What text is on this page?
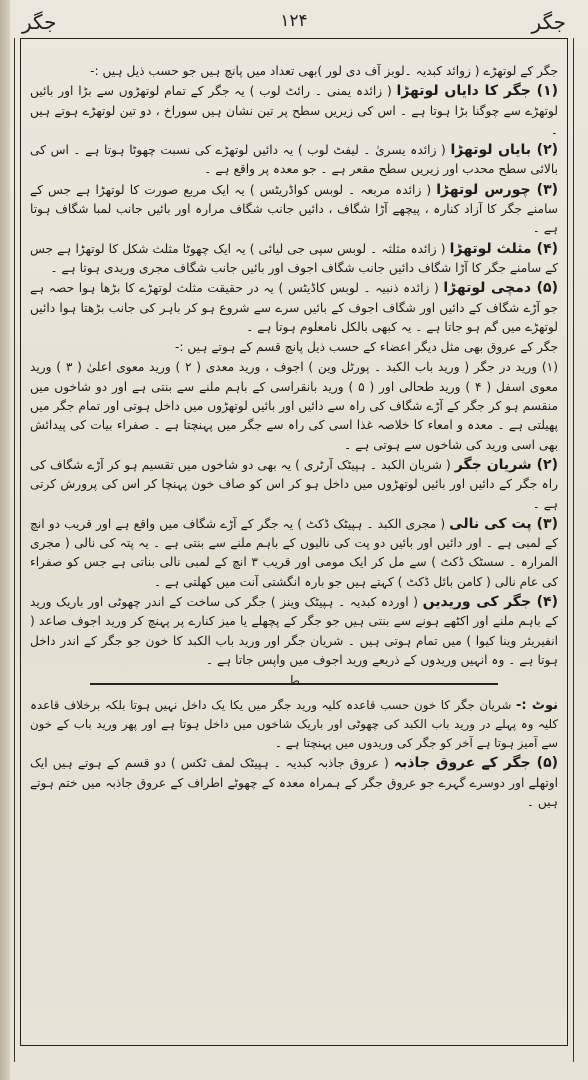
جگر
۱۲۴
جگر

جگر کے لوتھڑے ( زوائد کبدیہ ۔لوبز آف دی لور )بھی تعداد میں پانچ ہیں جو حسب ذیل ہیں :-

(۱) جگر کا دایاں لوتھڑا ( زائدہ یمنی ۔ رائٹ لوب ) یہ جگر کے تمام لوتھڑوں سے بڑا اور بائیں لوتھڑے سے چوگنا بڑا ہوتا ہے ۔ اس کی زیریں سطح پر تین نشان ہیں سوراخ ، دو تین لوتھڑے ہوتے ہیں ۔

(۲) بایاں لوتھڑا ( زائدہ یسریٰ ۔ لیفٹ لوب ) یہ دائیں لوتھڑے کی نسبت چھوٹا ہوتا ہے ۔ اس کی بالائی سطح محدب اور زیریں سطح مقعر ہے ۔ جو معدہ پر واقع ہے ۔

(۳) چورس لوتھڑا ( زائدہ مربعہ ۔ لوبس کواڈریٹس ) یہ ایک مربع صورت کا لوتھڑا ہے جس کے سامنے جگر کا آزاد کنارہ ، پیچھے آڑا شگاف ، دائیں جانب شگاف مرارہ اور بائیں جانب لمبا شگاف ہوتا ہے ۔

(۴) مثلث لوتھڑا ( زائدہ مثلثہ ۔ لوبس سپی جی لیائی ) یہ ایک چھوٹا مثلث شکل کا لوتھڑا ہے جس کے سامنے جگر کا آڑا شگاف دائیں جانب شگاف اجوف اور بائیں جانب شگاف مجری وریدی ہوتا ہے ۔

(۵) دمچی لوتھڑا ( زائدہ ذنبیہ ۔ لوبس کاڈیٹس ) یہ در حقیقت مثلث لوتھڑے کا بڑھا ہوا حصہ ہے جو آڑے شگاف کے دائیں اور شگاف اجوف کے بائیں سرے سے شروع ہو کر باہر کی جانب بڑھتا ہوا دائیں لوتھڑے میں گم ہو جاتا ہے ۔ یہ کبھی بالکل نامعلوم ہوتا ہے ۔

جگر کے عروق بھی مثل دیگر اعضاء کے حسب ذیل پانچ قسم کے ہوتے ہیں :-

(۱) ورید در جگر ( ورید باب الکبد ۔ پورٹل وین ) اجوف ، ورید معدی ( ۲ ) ورید معوی اعلیٰ ( ۳ ) ورید معوی اسفل ( ۴ ) ورید طحالی اور ( ۵ ) ورید بانقراسی کے باہم ملنے سے بنتی ہے اور دو شاخوں میں منقسم ہو کر جگر کے آڑے شگاف کی راہ سے دائیں اور بائیں لوتھڑوں میں داخل ہوتی اور تمام جگر میں پھیلتی ہے ۔ معدہ و امعاء کا خلاصہ غذا اسی کی راہ سے جگر میں پہنچتا ہے ۔ صفراء بیات کی پیدائش بھی اسی ورید کی شاخوں سے ہوتی ہے ۔

(۲) شریان جگر ( شریان الکبد ۔ ہپیٹک آرٹری ) یہ بھی دو شاخوں میں تقسیم ہو کر آڑے شگاف کی راہ جگر کے دائیں اور بائیں لوتھڑوں میں داخل ہو کر اس کو صاف خون پہنچا کر اس کی پرورش کرتی ہے ۔

(۳) پت کی نالی ( مجری الکبد ۔ ہپیٹک ڈکٹ ) یہ جگر کے آڑے شگاف میں واقع ہے اور قریب دو انچ کے لمبی ہے ۔ اور دائیں اور بائیں دو پت کی نالیوں کے باہم ملنے سے بنتی ہے ۔ یہ پتہ کی نالی ( مجری المرارہ ۔ سسٹک ڈکٹ ) سے مل کر ایک مومی اور قریب ۳ انچ کے لمبی نالی بناتی ہے جس کو صفراء کی عام نالی ( کامن بائل ڈکٹ ) کہتے ہیں جو بارہ انگشتی آنت میں کھلتی ہے ۔

(۴) جگر کی وریدیں ( اوردہ کبدیہ ۔ ہپیٹک وینز ) جگر کی ساخت کے اندر چھوٹی اور باریک ورید کے باہم ملنے اور اکٹھے ہونے سے بنتی ہیں جو جگر کے پچھلے یا میز کنارے پر پہنچ کر ورید اجوف صاعد ( انفیریئر وینا کیوا ) میں تمام ہوتی ہیں ۔ شریان جگر اور ورید باب الکبد کا خون جو جگر کے اندر داخل ہوتا ہے ۔ وہ انہیں وریدوں کے ذریعے ورید اجوف میں واپس جاتا ہے ۔

ط

نوٹ :- شریان جگر کا خون حسب قاعدہ کلیہ ورید جگر میں یکا یک داخل نہیں ہوتا بلکہ برخلاف قاعدہ کلیہ وہ پہلے در ورید باب الکبد کی چھوٹی اور باریک شاخوں میں داخل ہوتا ہے اور پھر ورید باب کے خون سے آمیز ہوتا ہے آخر کو جگر کی وریدوں میں پہنچتا ہے ۔

(۵) جگر کے عروق جاذبہ ( عروق جاذبہ کبدیہ ۔ ہپیٹک لمف ٹکس ) دو قسم کے ہوتے ہیں ایک اوتھلے اور دوسرے گہرے جو عروق جگر کے ہمراہ معدہ کے چھوٹے اطراف کے عروق جاذبہ میں ختم ہوتے ہیں ۔
